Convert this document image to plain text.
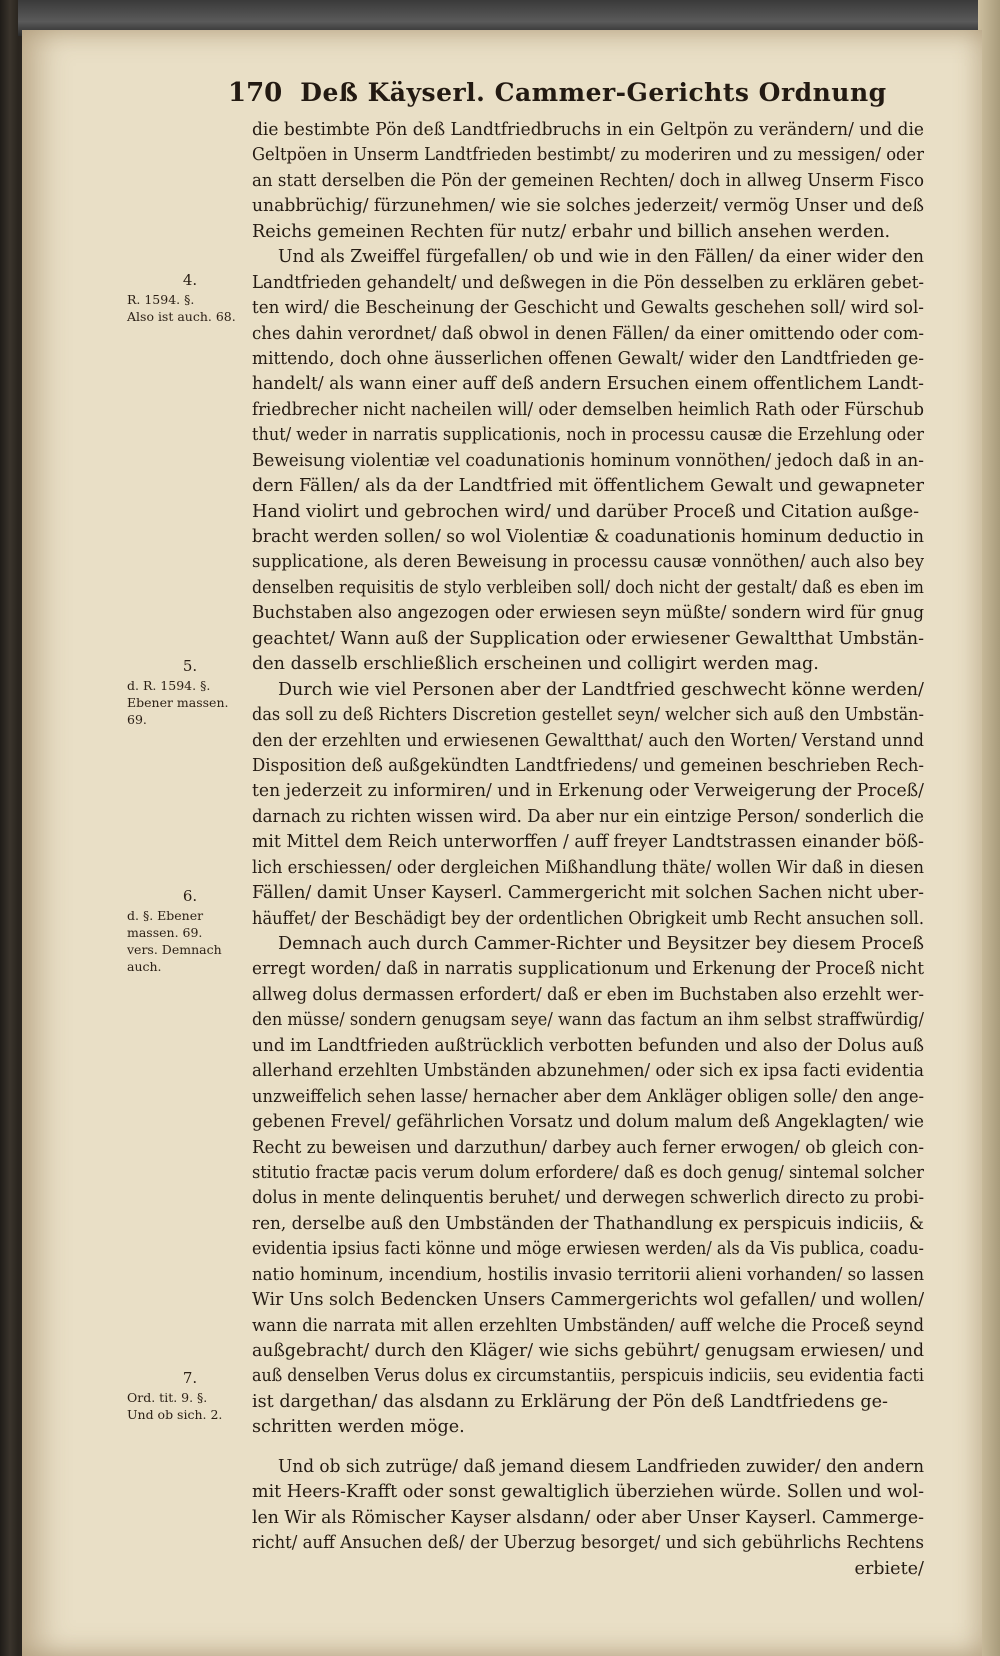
170 Deß Käyserl. Cammer-Gerichts Ordnung
die bestimbte Pön deß Landtfriedbruchs in ein Geltpön zu verändern/ und die
Geltpöen in Unserm Landtfrieden bestimbt/ zu moderiren und zu messigen/ oder
an statt derselben die Pön der gemeinen Rechten/ doch in allweg Unserm Fisco
unabbrüchig/ fürzunehmen/ wie sie solches jederzeit/ vermög Unser und deß
Reichs gemeinen Rechten für nutz/ erbahr und billich ansehen werden.
Und als Zweiffel fürgefallen/ ob und wie in den Fällen/ da einer wider den
Landtfrieden gehandelt/ und deßwegen in die Pön desselben zu erklären gebet-
ten wird/ die Bescheinung der Geschicht und Gewalts geschehen soll/ wird sol-
ches dahin verordnet/ daß obwol in denen Fällen/ da einer omittendo oder com-
mittendo, doch ohne äusserlichen offenen Gewalt/ wider den Landtfrieden ge-
handelt/ als wann einer auff deß andern Ersuchen einem offentlichem Landt-
friedbrecher nicht nacheilen will/ oder demselben heimlich Rath oder Fürschub
thut/ weder in narratis supplicationis, noch in processu causæ die Erzehlung oder
Beweisung violentiæ vel coadunationis hominum vonnöthen/ jedoch daß in an-
dern Fällen/ als da der Landtfried mit öffentlichem Gewalt und gewapneter
Hand violirt und gebrochen wird/ und darüber Proceß und Citation außge-
bracht werden sollen/ so wol Violentiæ & coadunationis hominum deductio in
supplicatione, als deren Beweisung in processu causæ vonnöthen/ auch also bey
denselben requisitis de stylo verbleiben soll/ doch nicht der gestalt/ daß es eben im
Buchstaben also angezogen oder erwiesen seyn müßte/ sondern wird für gnug
geachtet/ Wann auß der Supplication oder erwiesener Gewaltthat Umbstän-
den dasselb erschließlich erscheinen und colligirt werden mag.
Durch wie viel Personen aber der Landtfried geschwecht könne werden/
das soll zu deß Richters Discretion gestellet seyn/ welcher sich auß den Umbstän-
den der erzehlten und erwiesenen Gewaltthat/ auch den Worten/ Verstand unnd
Disposition deß außgekündten Landtfriedens/ und gemeinen beschrieben Rech-
ten jederzeit zu informiren/ und in Erkenung oder Verweigerung der Proceß/
darnach zu richten wissen wird. Da aber nur ein eintzige Person/ sonderlich die
mit Mittel dem Reich unterworffen / auff freyer Landtstrassen einander böß-
lich erschiessen/ oder dergleichen Mißhandlung thäte/ wollen Wir daß in diesen
Fällen/ damit Unser Kayserl. Cammergericht mit solchen Sachen nicht uber-
häuffet/ der Beschädigt bey der ordentlichen Obrigkeit umb Recht ansuchen soll.
Demnach auch durch Cammer-Richter und Beysitzer bey diesem Proceß
erregt worden/ daß in narratis supplicationum und Erkenung der Proceß nicht
allweg dolus dermassen erfordert/ daß er eben im Buchstaben also erzehlt wer-
den müsse/ sondern genugsam seye/ wann das factum an ihm selbst straffwürdig/
und im Landtfrieden außtrücklich verbotten befunden und also der Dolus auß
allerhand erzehlten Umbständen abzunehmen/ oder sich ex ipsa facti evidentia
unzweiffelich sehen lasse/ hernacher aber dem Ankläger obligen solle/ den ange-
gebenen Frevel/ gefährlichen Vorsatz und dolum malum deß Angeklagten/ wie
Recht zu beweisen und darzuthun/ darbey auch ferner erwogen/ ob gleich con-
stitutio fractæ pacis verum dolum erfordere/ daß es doch genug/ sintemal solcher
dolus in mente delinquentis beruhet/ und derwegen schwerlich directo zu probi-
ren, derselbe auß den Umbständen der Thathandlung ex perspicuis indiciis, &
evidentia ipsius facti könne und möge erwiesen werden/ als da Vis publica, coadu-
natio hominum, incendium, hostilis invasio territorii alieni vorhanden/ so lassen
Wir Uns solch Bedencken Unsers Cammergerichts wol gefallen/ und wollen/
wann die narrata mit allen erzehlten Umbständen/ auff welche die Proceß seynd
außgebracht/ durch den Kläger/ wie sichs gebührt/ genugsam erwiesen/ und
auß denselben Verus dolus ex circumstantiis, perspicuis indiciis, seu evidentia facti
ist dargethan/ das alsdann zu Erklärung der Pön deß Landtfriedens ge-
schritten werden möge.
Und ob sich zutrüge/ daß jemand diesem Landfrieden zuwider/ den andern
mit Heers-Krafft oder sonst gewaltiglich überziehen würde. Sollen und wol-
len Wir als Römischer Kayser alsdann/ oder aber Unser Kayserl. Cammerge-
richt/ auff Ansuchen deß/ der Uberzug besorget/ und sich gebührlichs Rechtens
erbiete/
4.
R. 1594. §.
Also ist auch. 68.
5.
d. R. 1594. §.
Ebener massen.
69.
6.
d. §. Ebener
massen. 69.
vers. Demnach
auch.
7.
Ord. tit. 9. §.
Und ob sich. 2.
